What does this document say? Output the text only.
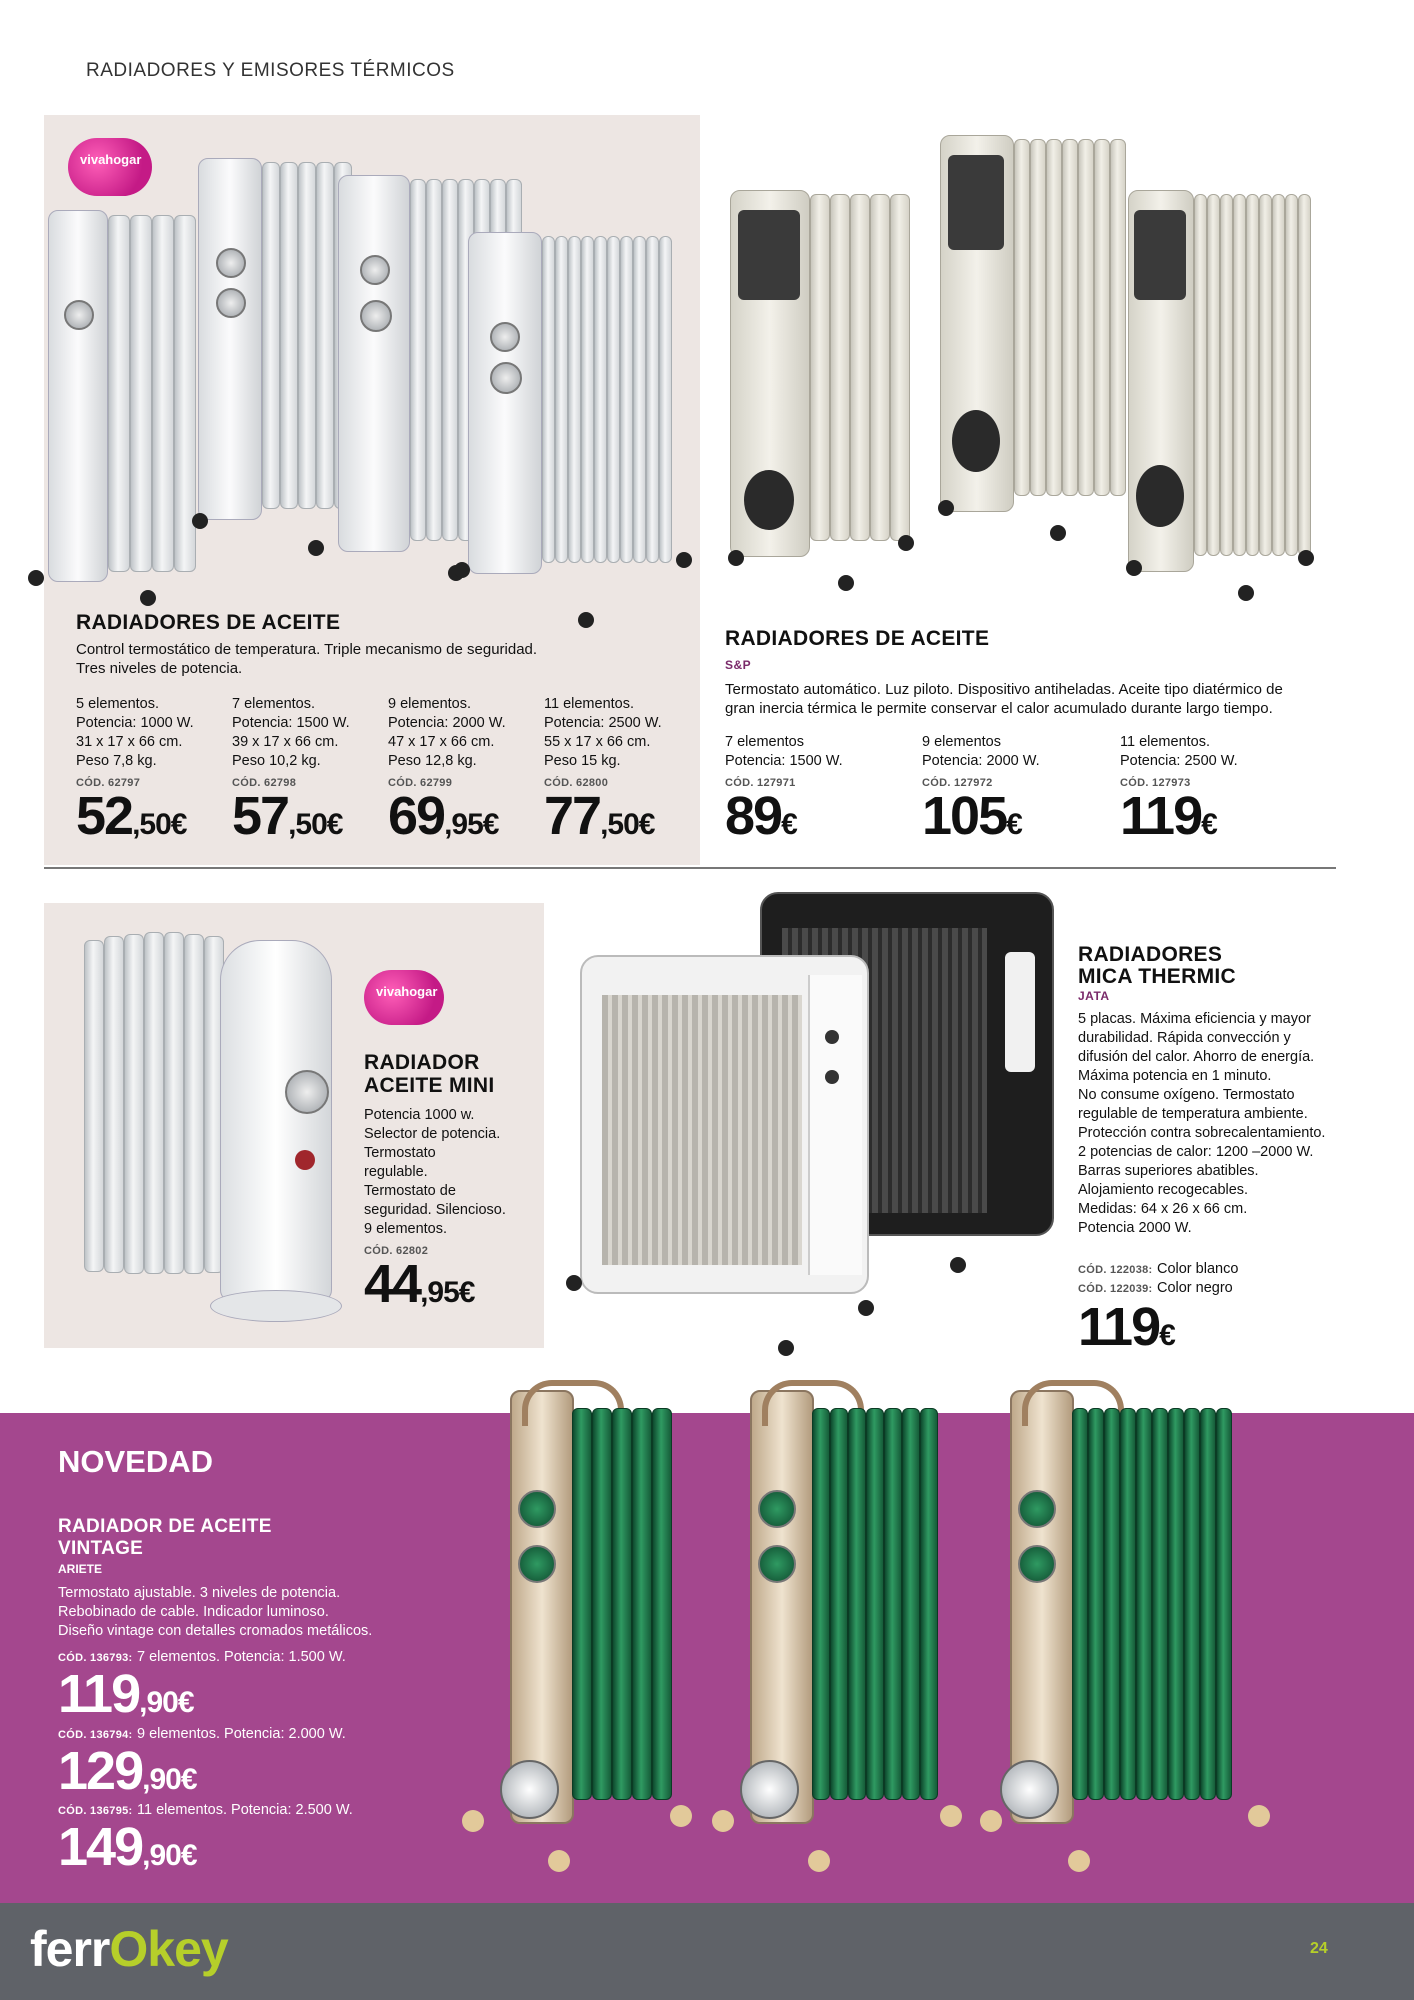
RADIADORES Y EMISORES TÉRMICOS
vivahogar
RADIADORES DE ACEITE
Control termostático de temperatura. Triple mecanismo de seguridad.
Tres niveles de potencia.
5 elementos.
Potencia: 1000 W.
31 x 17 x 66 cm.
Peso 7,8 kg.
CÓD. 62797
52,50€
7 elementos.
Potencia: 1500 W.
39 x 17 x 66 cm.
Peso 10,2 kg.
CÓD. 62798
57,50€
9 elementos.
Potencia: 2000 W.
47 x 17 x 66 cm.
Peso 12,8 kg.
CÓD. 62799
69,95€
11 elementos.
Potencia: 2500 W.
55 x 17 x 66 cm.
Peso 15 kg.
CÓD. 62800
77,50€
RADIADORES DE ACEITE
S&P
Termostato automático. Luz piloto. Dispositivo antiheladas. Aceite tipo diatérmico de
gran inercia térmica le permite conservar el calor acumulado durante largo tiempo.
7 elementos
Potencia: 1500 W.
CÓD. 127971
89€
9 elementos
Potencia: 2000 W.
CÓD. 127972
105€
11 elementos.
Potencia: 2500 W.
CÓD. 127973
119€
vivahogar
RADIADOR
ACEITE MINI
Potencia 1000 w.
Selector de potencia.
Termostato
regulable.
Termostato de
seguridad. Silencioso.
9 elementos.
CÓD. 62802
44,95€
RADIADORES
MICA THERMIC
JATA
5 placas. Máxima eficiencia y mayor
durabilidad. Rápida convección y
difusión del calor. Ahorro de energía.
Máxima potencia en 1 minuto.
No consume oxígeno. Termostato
regulable de temperatura ambiente.
Protección contra sobrecalentamiento.
2 potencias de calor: 1200 –2000 W.
Barras superiores abatibles.
Alojamiento recogecables.
Medidas: 64 x 26 x 66 cm.
Potencia 2000 W.
CÓD. 122038: Color blanco
CÓD. 122039: Color negro
119€
NOVEDAD
RADIADOR DE ACEITE
VINTAGE
ARIETE
Termostato ajustable. 3 niveles de potencia.
Rebobinado de cable. Indicador luminoso.
Diseño vintage con detalles cromados metálicos.
CÓD. 136793: 7 elementos. Potencia: 1.500 W.
119,90€
CÓD. 136794: 9 elementos. Potencia: 2.000 W.
129,90€
CÓD. 136795: 11 elementos. Potencia: 2.500 W.
149,90€
ferrOkey	24
